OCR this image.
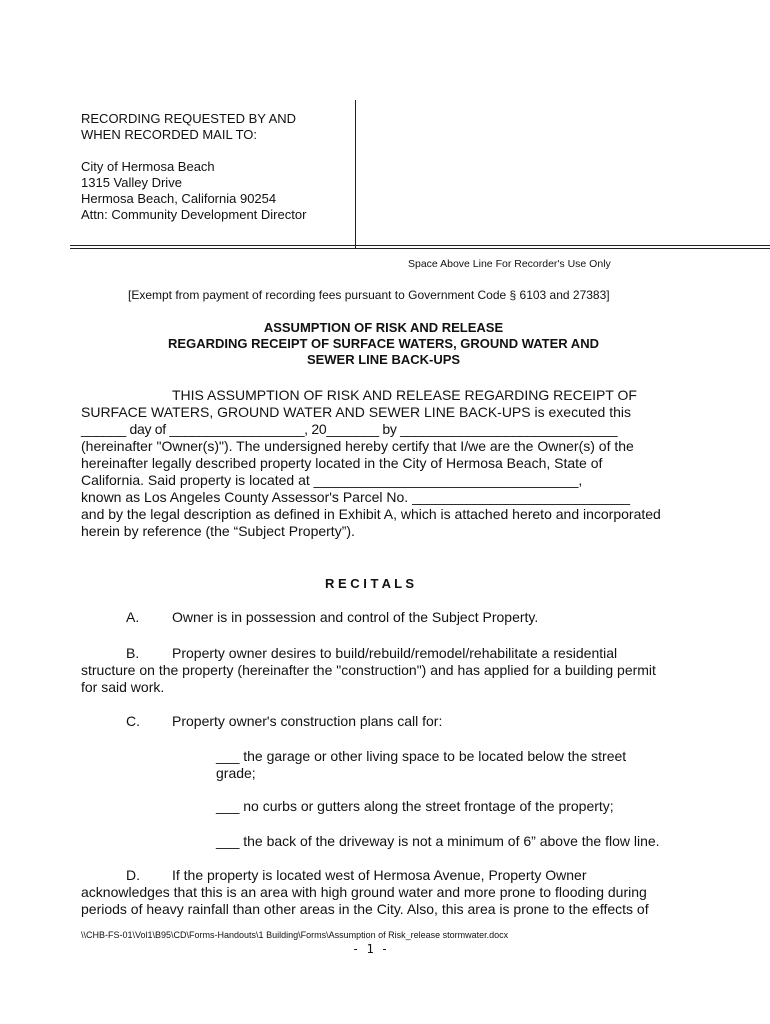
RECORDING REQUESTED BY AND
WHEN RECORDED MAIL TO:
City of Hermosa Beach
1315 Valley Drive
Hermosa Beach, California 90254
Attn: Community Development Director
Space Above Line For Recorder's Use Only
[Exempt from payment of recording fees pursuant to Government Code § 6103 and 27383]
ASSUMPTION OF RISK AND RELEASE
REGARDING RECEIPT OF SURFACE WATERS, GROUND WATER AND
SEWER LINE BACK-UPS
THIS ASSUMPTION OF RISK AND RELEASE REGARDING RECEIPT OF
SURFACE WATERS, GROUND WATER AND SEWER LINE BACK-UPS is executed this
______ day of __________________, 20_______ by _____________________________
(hereinafter "Owner(s)"). The undersigned hereby certify that I/we are the Owner(s) of the
hereinafter legally described property located in the City of Hermosa Beach, State of
California. Said property is located at __________________________________,
known as Los Angeles County Assessor's Parcel No. ____________________________
and by the legal description as defined in Exhibit A, which is attached hereto and incorporated
herein by reference (the “Subject Property”).
R E C I T A L S
A. Owner is in possession and control of the Subject Property.
B. Property owner desires to build/rebuild/remodel/rehabilitate a residential
structure on the property (hereinafter the "construction") and has applied for a building permit
for said work.
C. Property owner's construction plans call for:
___ the garage or other living space to be located below the street
grade;
___ no curbs or gutters along the street frontage of the property;
___ the back of the driveway is not a minimum of 6” above the flow line.
D. If the property is located west of Hermosa Avenue, Property Owner
acknowledges that this is an area with high ground water and more prone to flooding during
periods of heavy rainfall than other areas in the City. Also, this area is prone to the effects of
\\CHB-FS-01\Vol1\B95\CD\Forms-Handouts\1 Building\Forms\Assumption of Risk_release stormwater.docx
- 1 -
